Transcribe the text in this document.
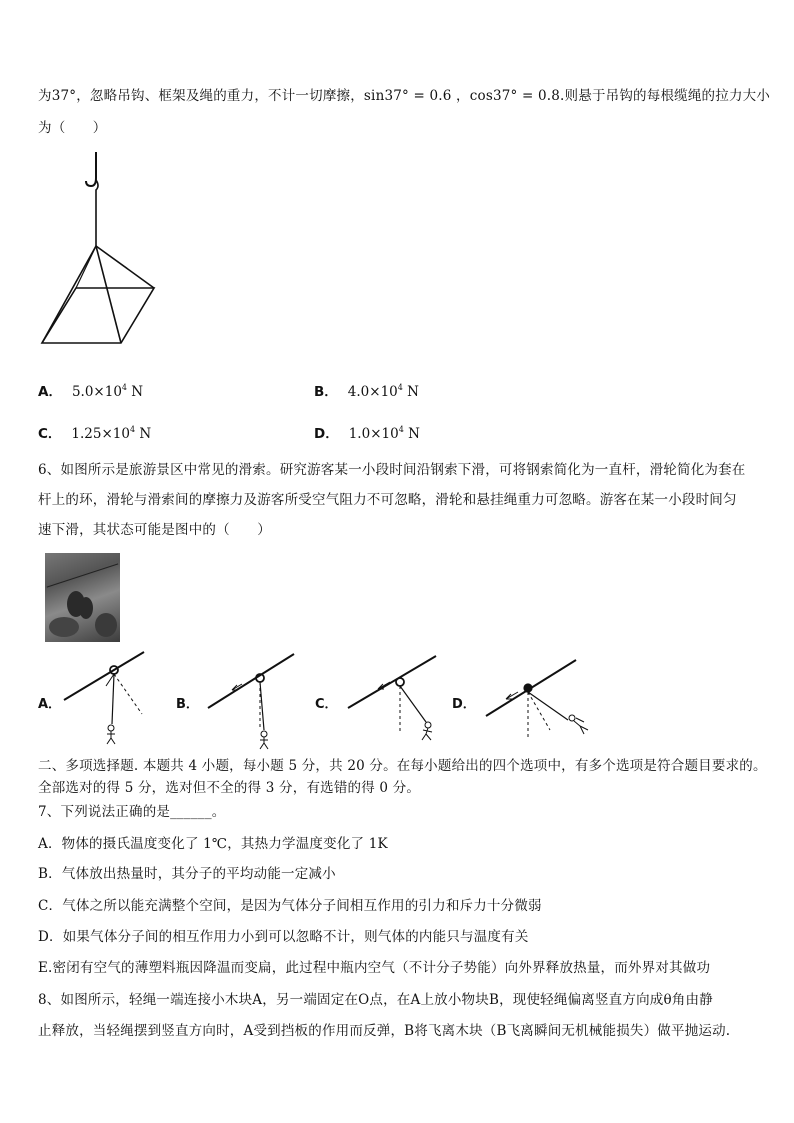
为37°，忽略吊钩、框架及绳的重力，不计一切摩擦，sin37° = 0.6 ，cos37° = 0.8.则悬于吊钩的每根缆绳的拉力大小
为（　　）
A． $5.0\times 10^4$ N	B． $4.0\times 10^4$ N
C． $1.25\times 10^4$ N	D． $1.0\times 10^4$ N
6、如图所示是旅游景区中常见的滑索。研究游客某一小段时间沿钢索下滑，可将钢索简化为一直杆，滑轮简化为套在
杆上的环，滑轮与滑索间的摩擦力及游客所受空气阻力不可忽略，滑轮和悬挂绳重力可忽略。游客在某一小段时间匀
速下滑，其状态可能是图中的（　　）
A．	B．	C．	D．
二、多项选择题. 本题共 4 小题，每小题 5 分，共 20 分。在每小题给出的四个选项中，有多个选项是符合题目要求的。
全部选对的得 5 分，选对但不全的得 3 分，有选错的得 0 分。
7、下列说法正确的是______。
A．物体的摄氏温度变化了 1℃，其热力学温度变化了 1K
B．气体放出热量时，其分子的平均动能一定减小
C．气体之所以能充满整个空间，是因为气体分子间相互作用的引力和斥力十分微弱
D．如果气体分子间的相互作用力小到可以忽略不计，则气体的内能只与温度有关
E.密闭有空气的薄塑料瓶因降温而变扁，此过程中瓶内空气（不计分子势能）向外界释放热量，而外界对其做功
8、如图所示，轻绳一端连接小木块A，另一端固定在O点，在A上放小物块B，现使轻绳偏离竖直方向成θ角由静
止释放，当轻绳摆到竖直方向时，A受到挡板的作用而反弹，B将飞离木块（B飞离瞬间无机械能损失）做平抛运动.
